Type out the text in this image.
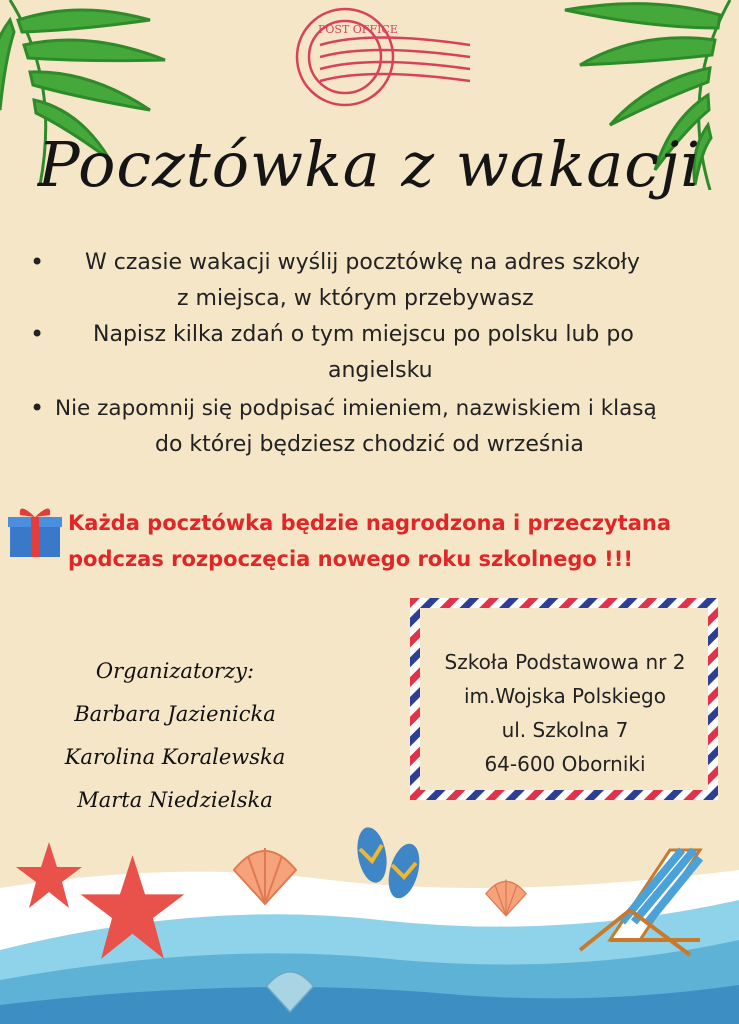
POST OFFICE
Pocztówka z wakacji
• W czasie wakacji wyślij pocztówkę na adres szkoły
z miejsca, w którym przebywasz
• Napisz kilka zdań o tym miejscu po polsku lub po
angielsku
• Nie zapomnij się podpisać imieniem, nazwiskiem i klasą
do której będziesz chodzić od września
Każda pocztówka będzie nagrodzona i przeczytana
podczas rozpoczęcia nowego roku szkolnego !!!
Organizatorzy:
Barbara Jazienicka
Karolina Koralewska
Marta Niedzielska
Szkoła Podstawowa nr 2
im.Wojska Polskiego
ul. Szkolna 7
64-600 Oborniki
